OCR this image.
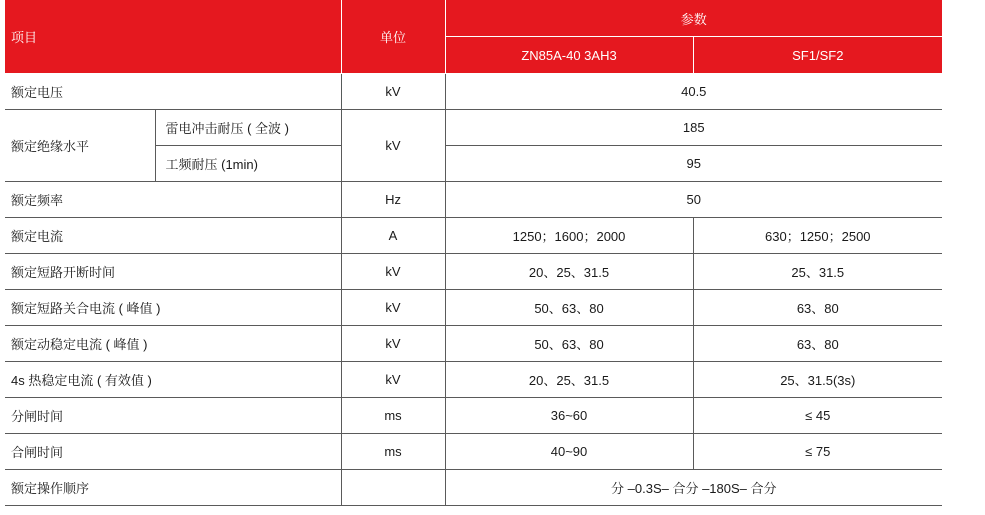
项目		单位	参数	
			ZN85A-40 3AH3	SF1/SF2
额定电压		kV	40.5	
额定绝缘水平	雷电冲击耐压 ( 全波 )	kV	185	
	工频耐压 (1min)		95	
额定频率		Hz	50	
额定电流		A	1250；1600；2000	630；1250；2500
额定短路开断时间		kV	20、25、31.5	25、31.5
额定短路关合电流 ( 峰值 )		kV	50、63、80	63、80
额定动稳定电流 ( 峰值 )		kV	50、63、80	63、80
4s 热稳定电流 ( 有效值 )		kV	20、25、31.5	25、31.5(3s)
分闸时间		ms	36~60	≤ 45
合闸时间		ms	40~90	≤ 75
额定操作顺序			分 –0.3S– 合分 –180S– 合分	
